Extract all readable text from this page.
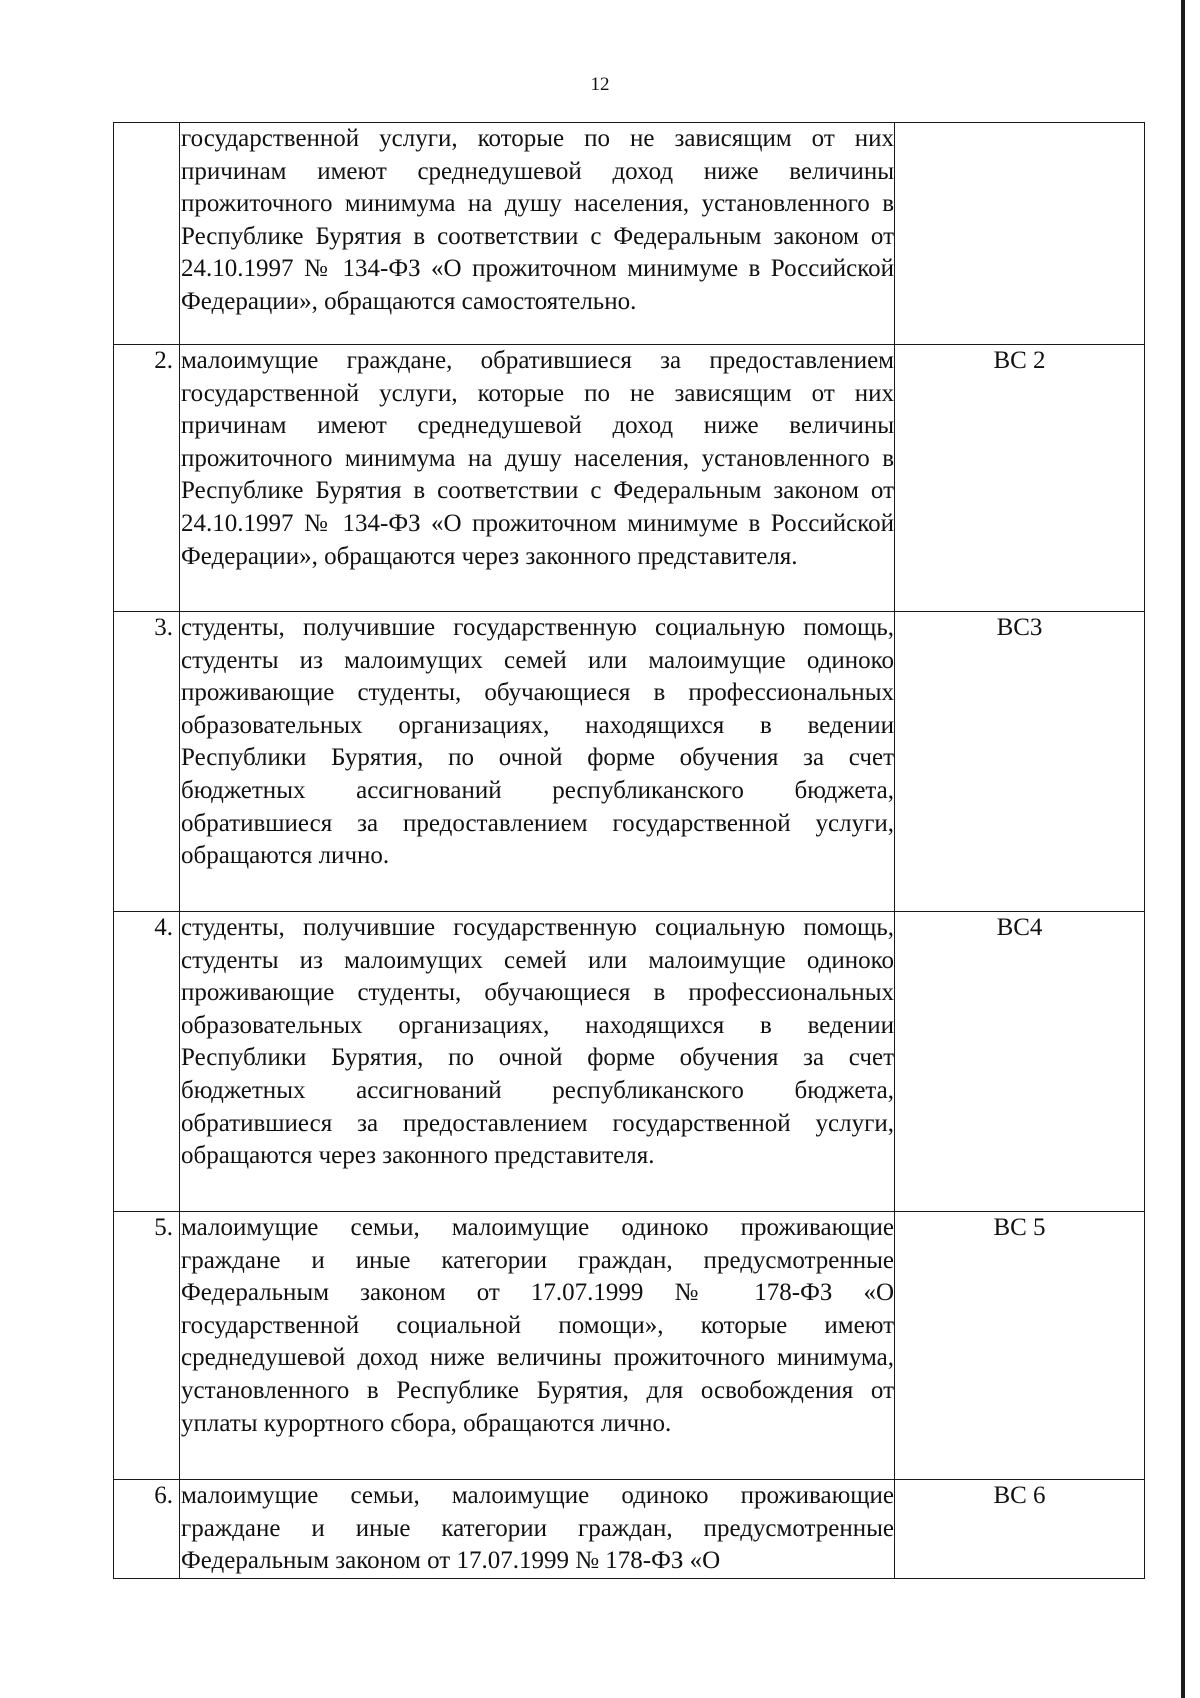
12

	государственной услуги, которые по не зависящим от них причинам имеют среднедушевой доход ниже величины прожиточного минимума на душу населения, установленного в Республике Бурятия в соответствии с Федеральным законом от 24.10.1997 № 134-ФЗ «О прожиточном минимуме в Российской Федерации», обращаются самостоятельно.	

2.	малоимущие граждане, обратившиеся за предоставлением государственной услуги, которые по не зависящим от них причинам имеют среднедушевой доход ниже величины прожиточного минимума на душу населения, установленного в Республике Бурятия в соответствии с Федеральным законом от 24.10.1997 № 134-ФЗ «О прожиточном минимуме в Российской Федерации», обращаются через законного представителя.	ВС 2
3.	студенты, получившие государственную социальную помощь, студенты из малоимущих семей или малоимущие одиноко проживающие студенты, обучающиеся в профессиональных образовательных организациях, находящихся в ведении Республики Бурятия, по очной форме обучения за счет бюджетных ассигнований республиканского бюджета, обратившиеся за предоставлением государственной услуги, обращаются лично.	ВС3
4.	студенты, получившие государственную социальную помощь, студенты из малоимущих семей или малоимущие одиноко проживающие студенты, обучающиеся в профессиональных образовательных организациях, находящихся в ведении Республики Бурятия, по очной форме обучения за счет бюджетных ассигнований республиканского бюджета, обратившиеся за предоставлением государственной услуги, обращаются через законного представителя.	ВС4
5.	малоимущие семьи, малоимущие одиноко проживающие граждане и иные категории граждан, предусмотренные Федеральным законом от 17.07.1999 № 178-ФЗ «О государственной социальной помощи», которые имеют среднедушевой доход ниже величины прожиточного минимума, установленного в Республике Бурятия, для освобождения от уплаты курортного сбора, обращаются лично.	ВС 5
6.	малоимущие семьи, малоимущие одиноко проживающие граждане и иные категории граждан, предусмотренные Федеральным законом от 17.07.1999 № 178-ФЗ «О	ВС 6
